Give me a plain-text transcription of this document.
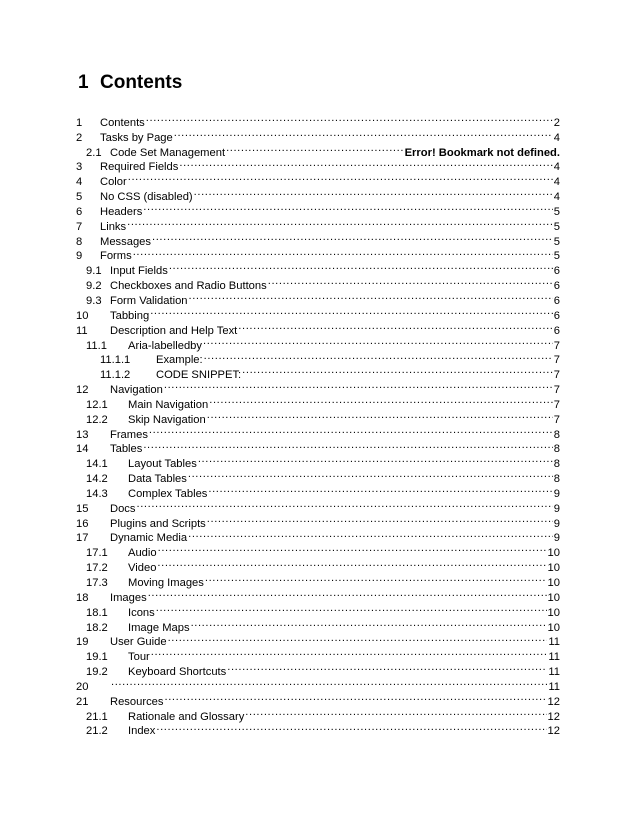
1 Contents
1	Contents .....	2
2	Tasks by Page .....	4
2.1 Code Set Management .....	Error! Bookmark not defined.
3	Required Fields .....	4
4	Color .....	4
5	No CSS (disabled) .....	4
6	Headers .....	5
7	Links .....	5
8	Messages .....	5
9	Forms .....	5
9.1 Input Fields .....	6
9.2 Checkboxes and Radio Buttons .....	6
9.3 Form Validation .....	6
10	Tabbing .....	6
11	Description and Help Text .....	6
11.1	Aria-labelledby .....	7
11.1.1	Example: .....	7
11.1.2	CODE SNIPPET: .....	7
12	Navigation .....	7
12.1	Main Navigation .....	7
12.2	Skip Navigation .....	7
13	Frames .....	8
14	Tables .....	8
14.1	Layout Tables .....	8
14.2	Data Tables .....	8
14.3	Complex Tables .....	9
15	Docs .....	9
16	Plugins and Scripts .....	9
17	Dynamic Media .....	9
17.1	Audio .....	10
17.2	Video .....	10
17.3	Moving Images .....	10
18	Images .....	10
18.1	Icons .....	10
18.2	Image Maps .....	10
19	User Guide .....	11
19.1	Tour .....	11
19.2	Keyboard Shortcuts .....	11
20 .....	11
21	Resources .....	12
21.1	Rationale and Glossary .....	12
21.2	Index .....	12
